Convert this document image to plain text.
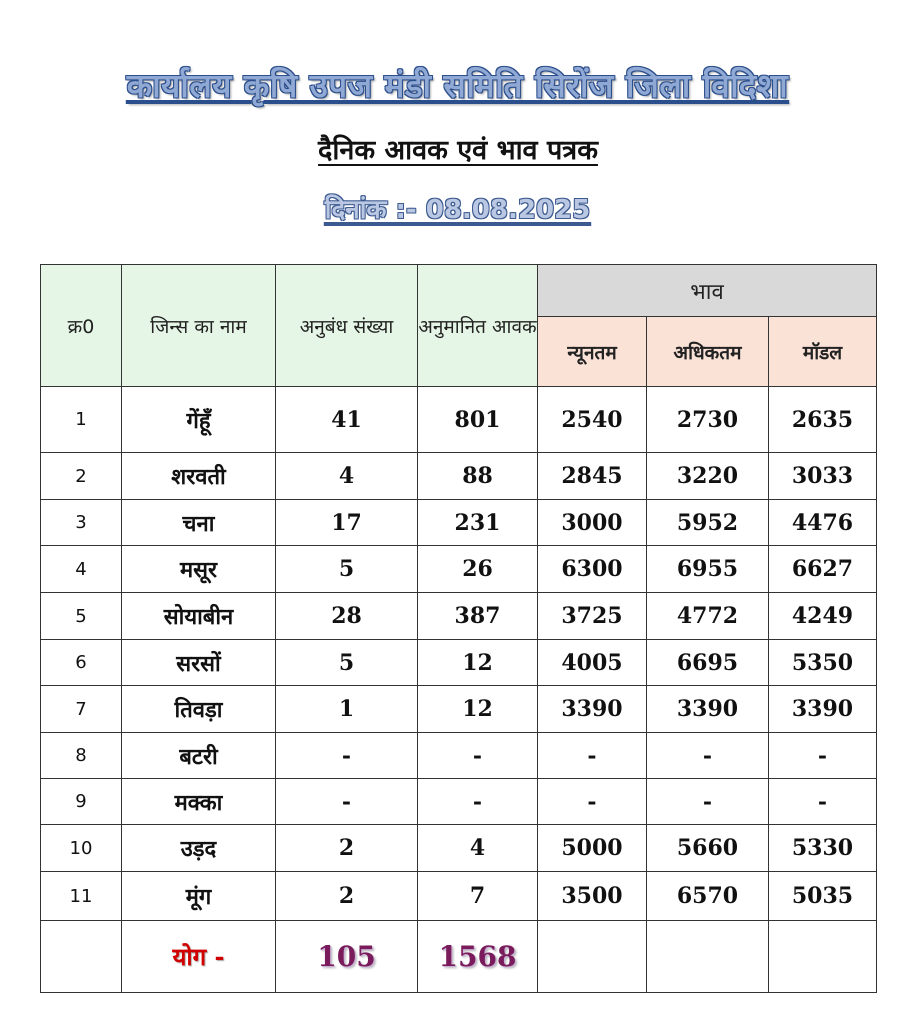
कार्यालय कृषि उपज मंडी समिति सिरोंज जिला विदिशा
दैनिक आवक एवं भाव पत्रक
दिनांक :- 08.08.2025
क्र0	जिन्स का नाम	अनुबंध संख्या	अनुमानित आवक	भाव		
				न्यूनतम	अधिकतम	मॉडल
1	गेंहूँ	41	801	2540	2730	2635
2	शरवती	4	88	2845	3220	3033
3	चना	17	231	3000	5952	4476
4	मसूर	5	26	6300	6955	6627
5	सोयाबीन	28	387	3725	4772	4249
6	सरसों	5	12	4005	6695	5350
7	तिवड़ा	1	12	3390	3390	3390
8	बटरी	-	-	-	-	-
9	मक्का	-	-	-	-	-
10	उड़द	2	4	5000	5660	5330
11	मूंग	2	7	3500	6570	5035
	योग -	105	1568			
